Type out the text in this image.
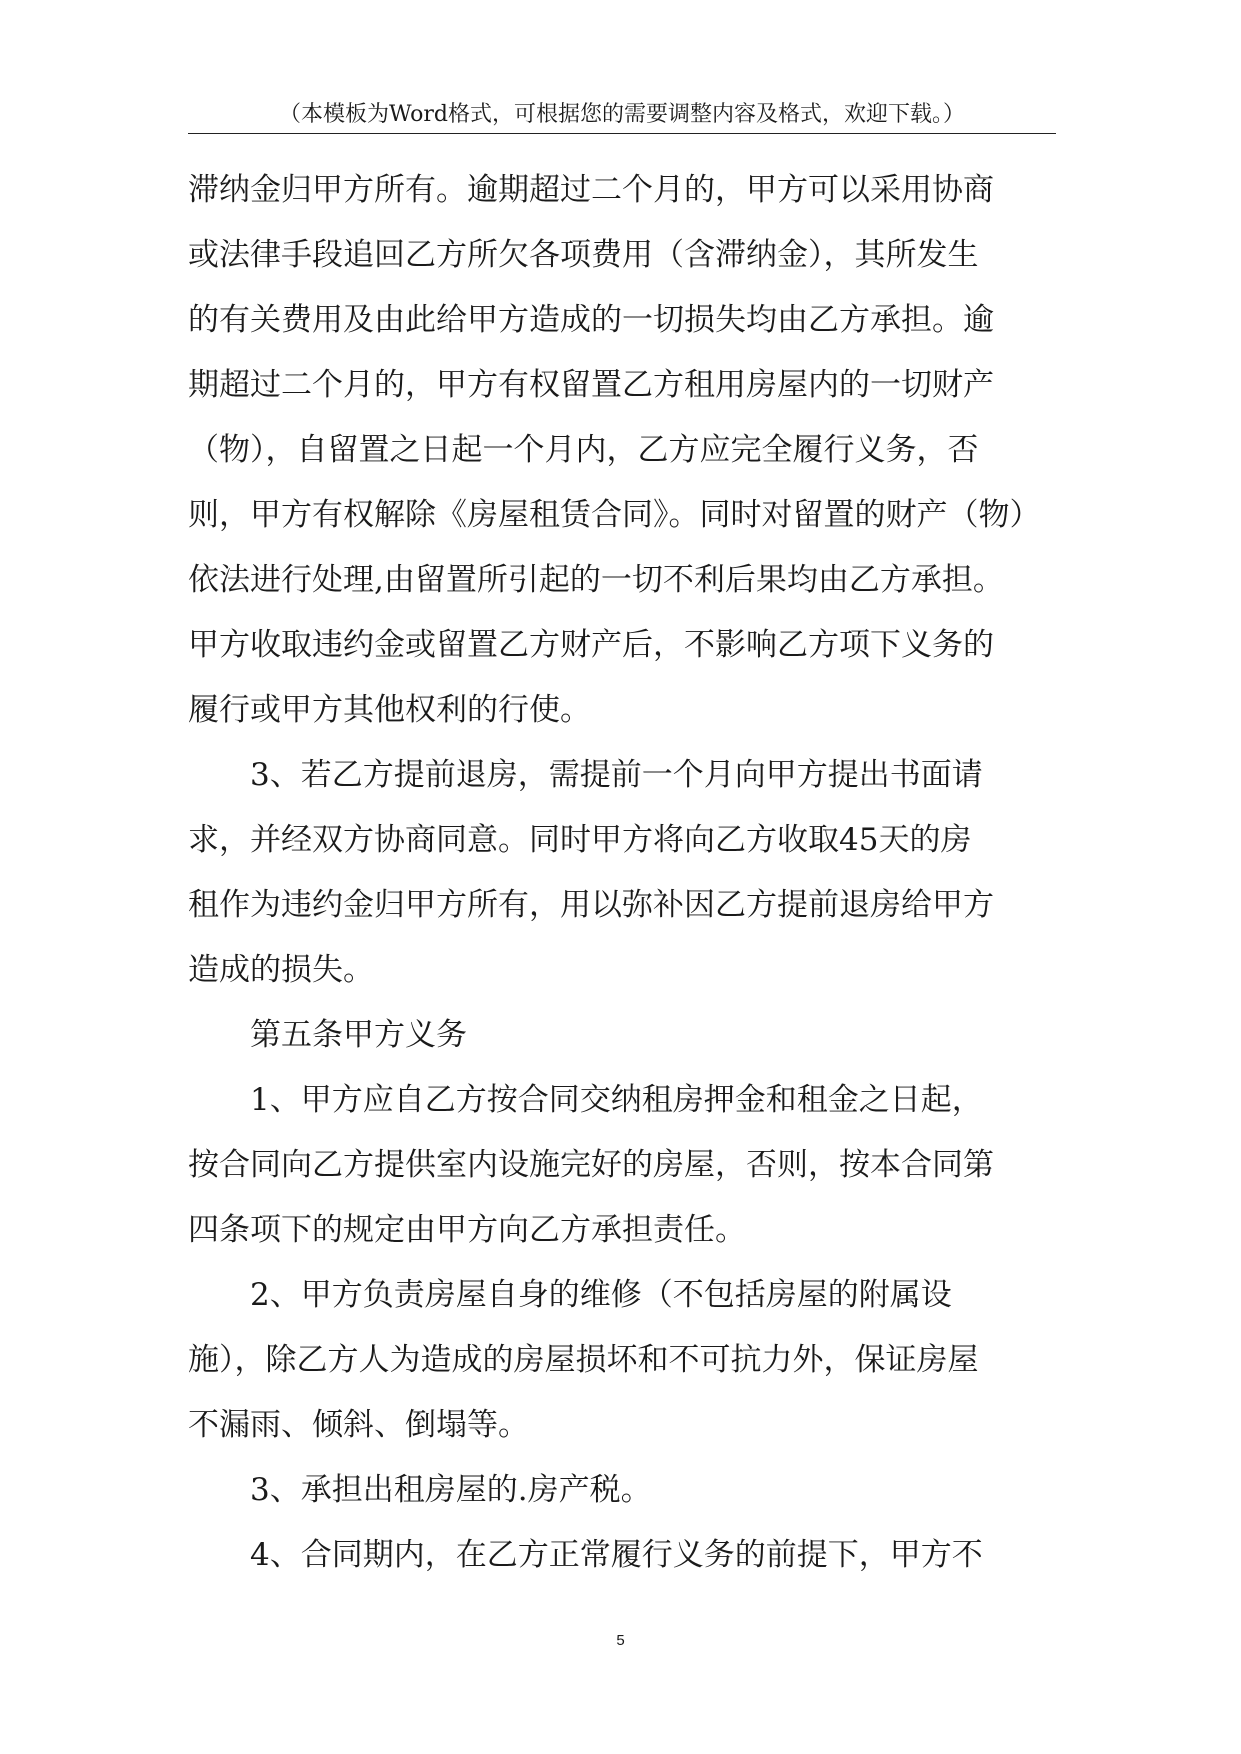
（本模板为Word格式，可根据您的需要调整内容及格式，欢迎下载。）
滞纳金归甲方所有。逾期超过二个月的，甲方可以采用协商
或法律手段追回乙方所欠各项费用（含滞纳金），其所发生
的有关费用及由此给甲方造成的一切损失均由乙方承担。逾
期超过二个月的，甲方有权留置乙方租用房屋内的一切财产
（物），自留置之日起一个月内，乙方应完全履行义务，否
则，甲方有权解除《房屋租赁合同》。同时对留置的财产（物）
依法进行处理,由留置所引起的一切不利后果均由乙方承担。
甲方收取违约金或留置乙方财产后，不影响乙方项下义务的
履行或甲方其他权利的行使。
3、若乙方提前退房，需提前一个月向甲方提出书面请
求，并经双方协商同意。同时甲方将向乙方收取45天的房
租作为违约金归甲方所有，用以弥补因乙方提前退房给甲方
造成的损失。
第五条甲方义务
1、甲方应自乙方按合同交纳租房押金和租金之日起，
按合同向乙方提供室内设施完好的房屋，否则，按本合同第
四条项下的规定由甲方向乙方承担责任。
2、甲方负责房屋自身的维修（不包括房屋的附属设
施），除乙方人为造成的房屋损坏和不可抗力外，保证房屋
不漏雨、倾斜、倒塌等。
3、承担出租房屋的.房产税。
4、合同期内，在乙方正常履行义务的前提下，甲方不
5
